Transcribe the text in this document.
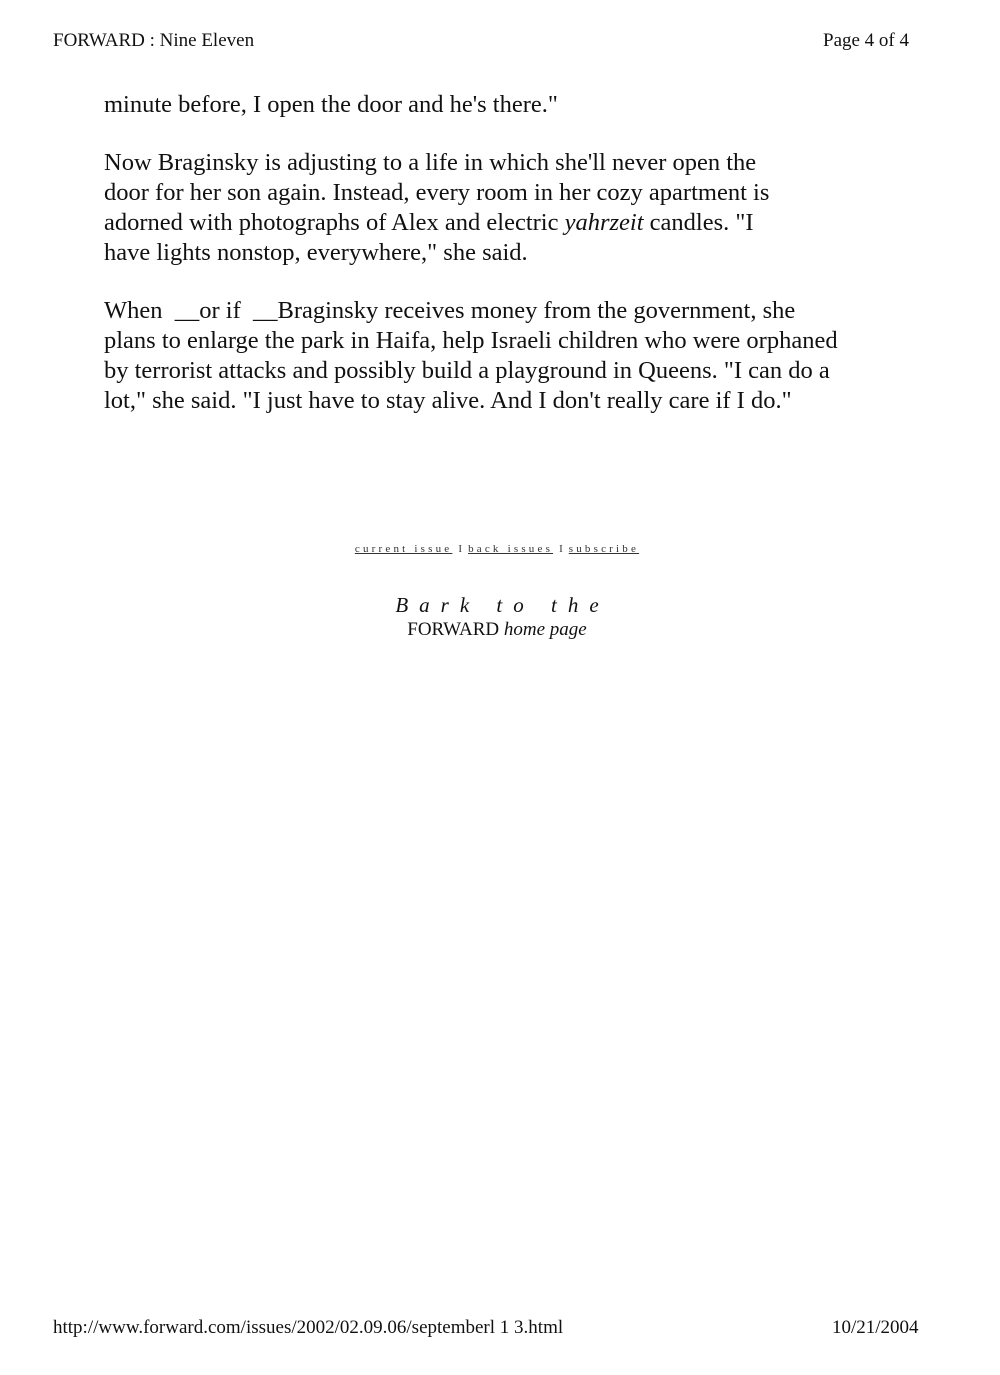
FORWARD : Nine Eleven	Page 4 of 4

minute before, I open the door and he's there."

Now Braginsky is adjusting to a life in which she'll never open the
door for her son again. Instead, every room in her cozy apartment is
adorned with photographs of Alex and electric yahrzeit candles. "I
have lights nonstop, everywhere," she said.

When  __or if  __Braginsky receives money from the government, she
plans to enlarge the park in Haifa, help Israeli children who were orphaned
by terrorist attacks and possibly build a playground in Queens. "I can do a
lot," she said. "I just have to stay alive. And I don't really care if I do."

current issue I back issues I subscribe
Bark to the
FORWARD home page
http://www.forward.com/issues/2002/02.09.06/septemberl 1 3.html	10/21/2004
